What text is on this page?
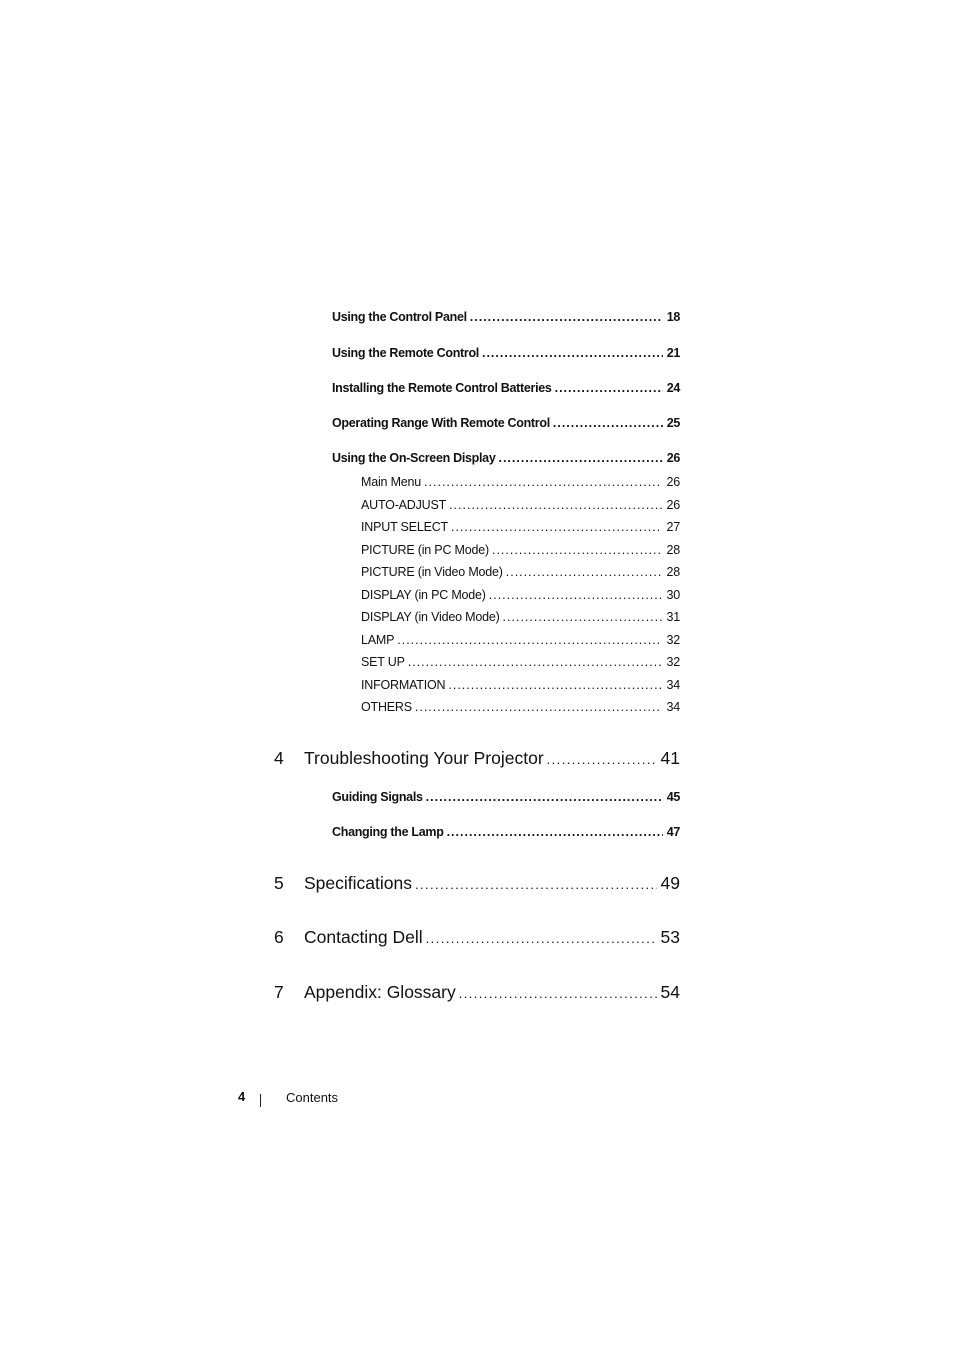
Using the Control Panel .....	18
Using the Remote Control .....	21
Installing the Remote Control Batteries .....	24
Operating Range With Remote Control .....	25
Using the On-Screen Display .....	26
Main Menu .....	26
AUTO-ADJUST .....	26
INPUT SELECT .....	27
PICTURE (in PC Mode) .....	28
PICTURE (in Video Mode) .....	28
DISPLAY (in PC Mode) .....	30
DISPLAY (in Video Mode) .....	31
LAMP .....	32
SET UP .....	32
INFORMATION .....	34
OTHERS .....	34
4 Troubleshooting Your Projector .....	41
Guiding Signals .....	45
Changing the Lamp .....	47
5 Specifications .....	49
6 Contacting Dell .....	53
7 Appendix: Glossary .....	54
4	Contents
